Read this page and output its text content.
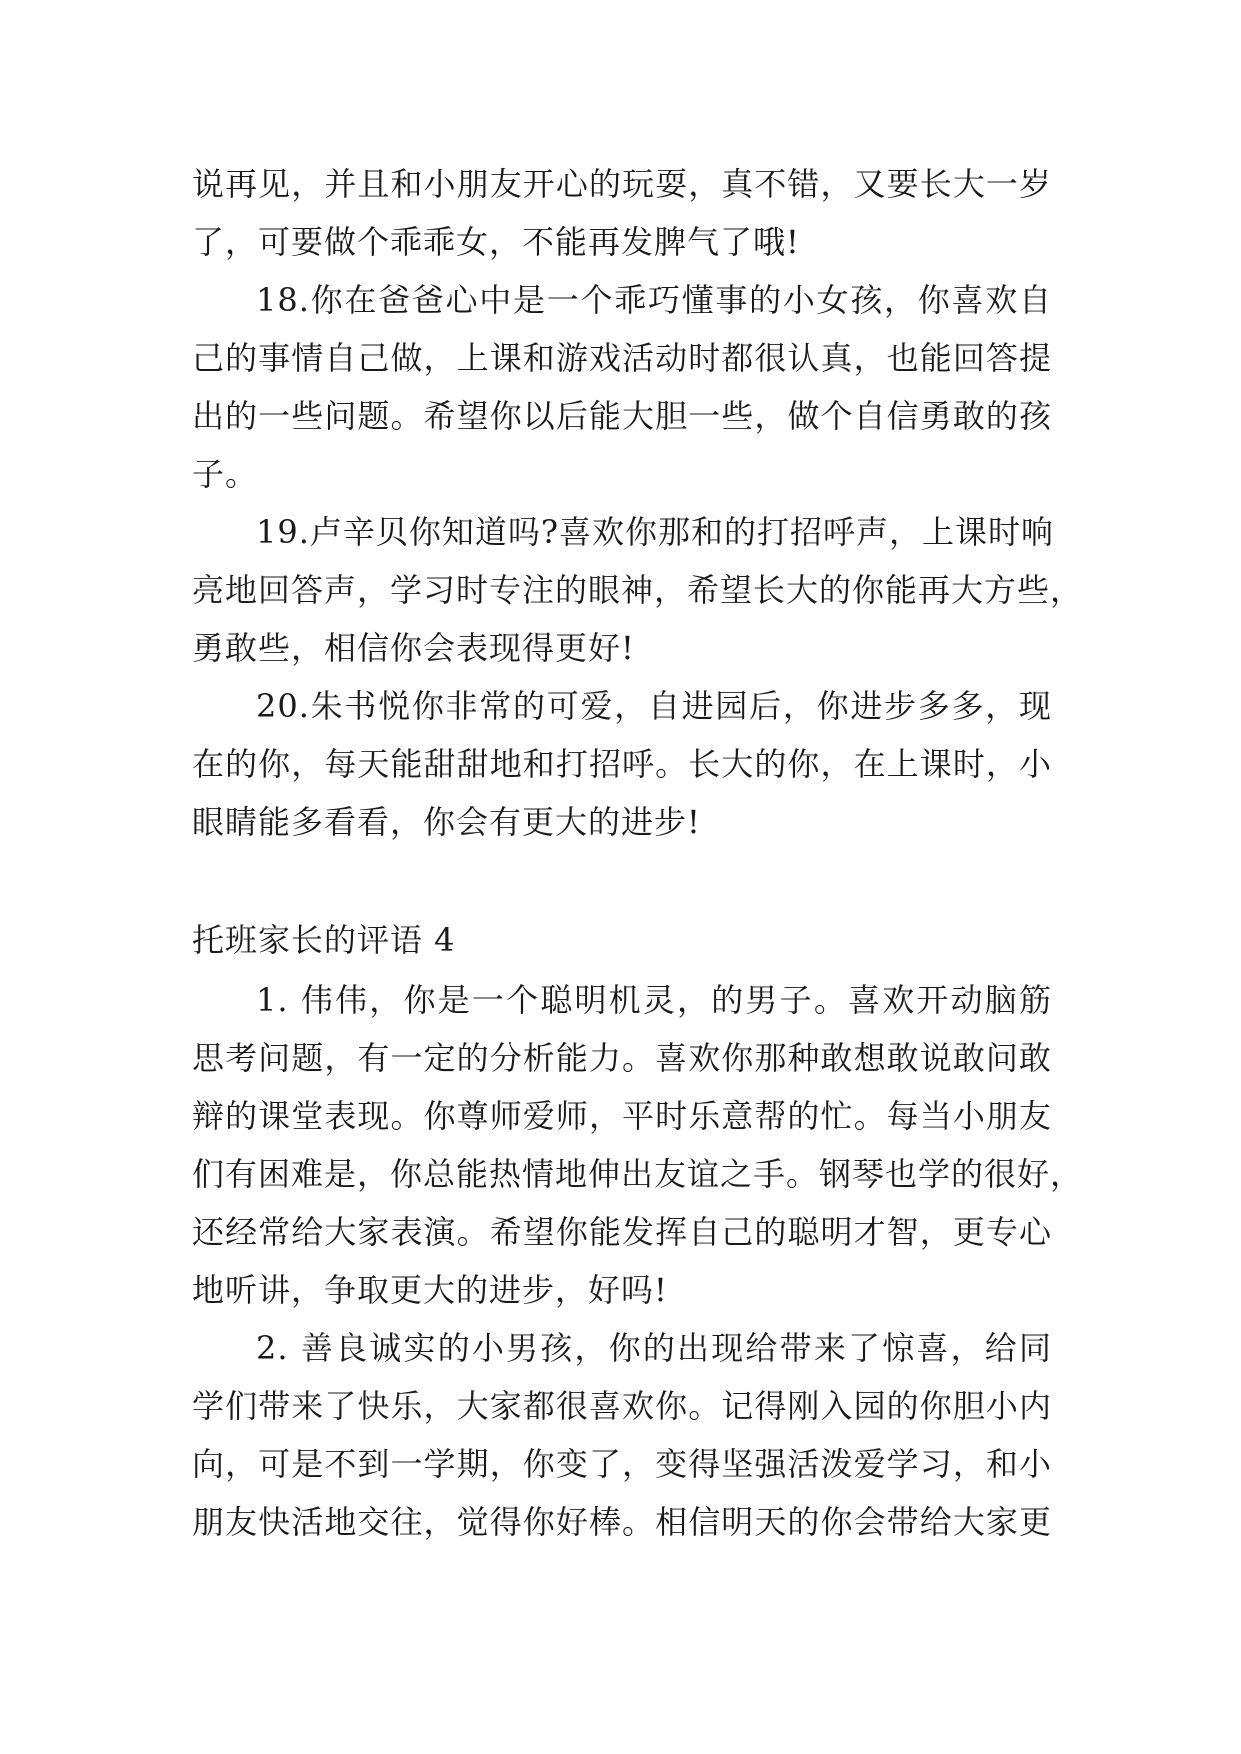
说再见，并且和小朋友开心的玩耍，真不错，又要长大一岁
了，可要做个乖乖女，不能再发脾气了哦!
18.你在爸爸心中是一个乖巧懂事的小女孩，你喜欢自
己的事情自己做，上课和游戏活动时都很认真，也能回答提
出的一些问题。希望你以后能大胆一些，做个自信勇敢的孩
子。
19.卢辛贝你知道吗?喜欢你那和的打招呼声，上课时响
亮地回答声，学习时专注的眼神，希望长大的你能再大方些，
勇敢些，相信你会表现得更好!
20.朱书悦你非常的可爱，自进园后，你进步多多，现
在的你，每天能甜甜地和打招呼。长大的你，在上课时，小
眼睛能多看看，你会有更大的进步!
托班家长的评语 4
1. 伟伟，你是一个聪明机灵，的男子。喜欢开动脑筋
思考问题，有一定的分析能力。喜欢你那种敢想敢说敢问敢
辩的课堂表现。你尊师爱师，平时乐意帮的忙。每当小朋友
们有困难是，你总能热情地伸出友谊之手。钢琴也学的很好，
还经常给大家表演。希望你能发挥自己的聪明才智，更专心
地听讲，争取更大的进步，好吗!
2. 善良诚实的小男孩，你的出现给带来了惊喜，给同
学们带来了快乐，大家都很喜欢你。记得刚入园的你胆小内
向，可是不到一学期，你变了，变得坚强活泼爱学习，和小
朋友快活地交往，觉得你好棒。相信明天的你会带给大家更
